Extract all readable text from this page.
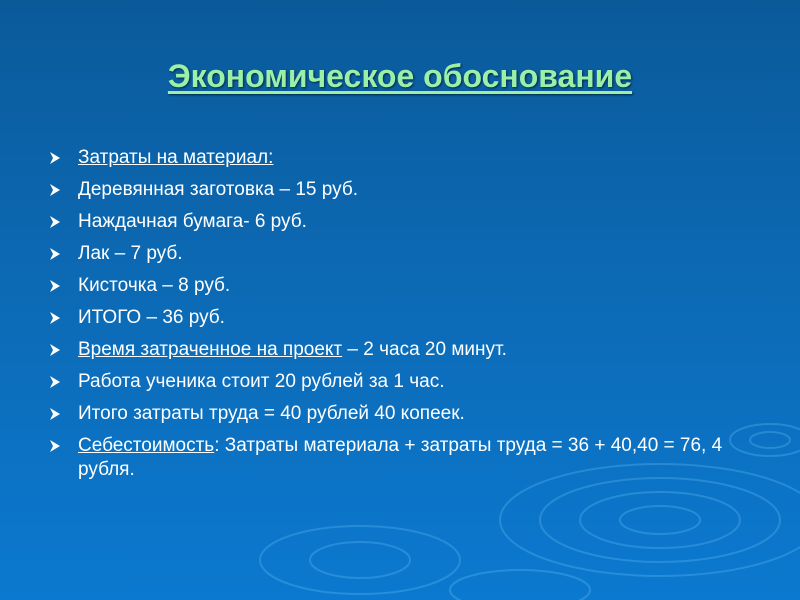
Экономическое обоснование
Затраты на материал:
Деревянная заготовка – 15 руб.
Наждачная бумага- 6 руб.
Лак – 7 руб.
Кисточка – 8 руб.
ИТОГО – 36 руб.
Время затраченное на проект – 2 часа 20 минут.
Работа ученика стоит 20 рублей за 1 час.
Итого затраты труда = 40 рублей 40 копеек.
Себестоимость: Затраты материала + затраты труда = 36 + 40,40 = 76, 4 рубля.
